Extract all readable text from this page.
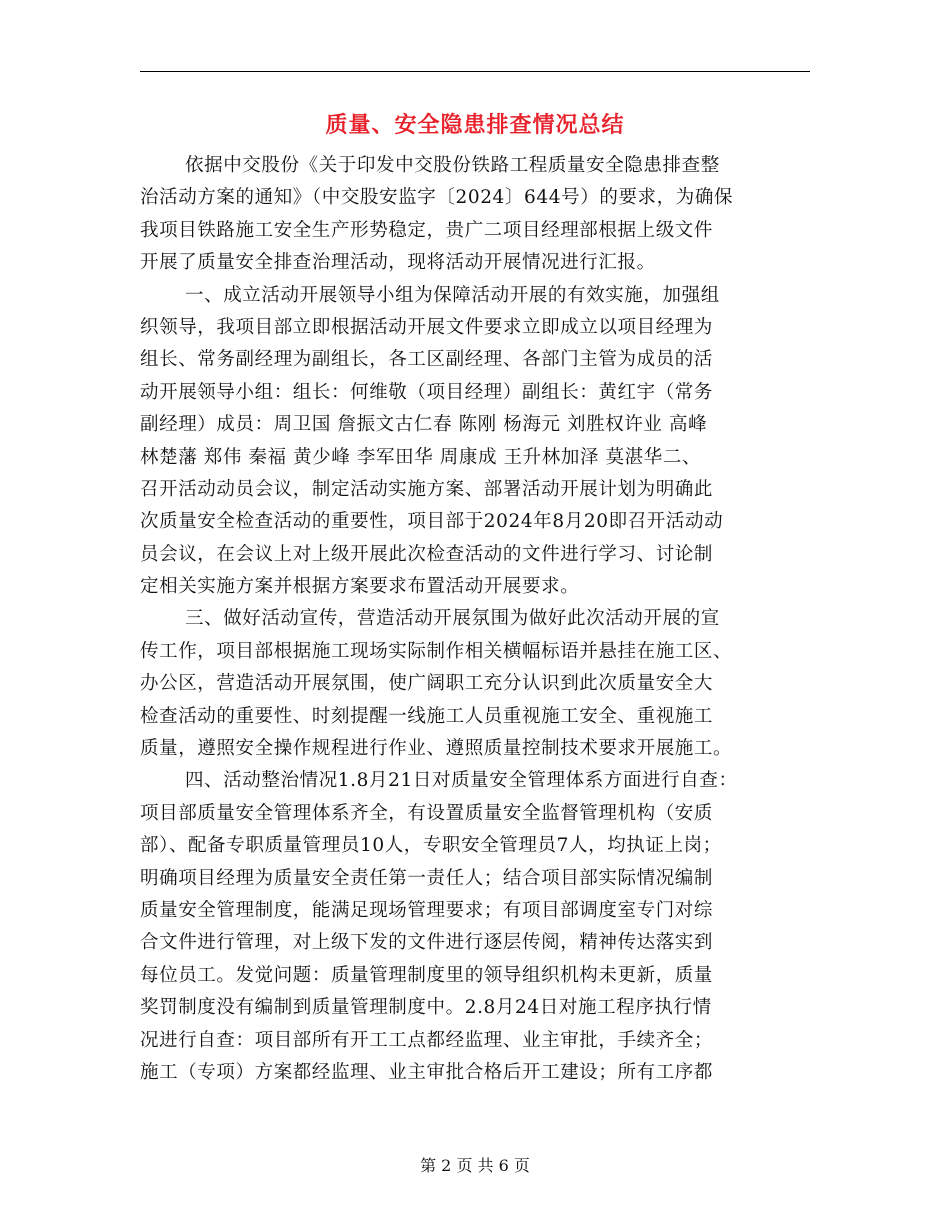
质量、安全隐患排查情况总结
依据中交股份《关于印发中交股份铁路工程质量安全隐患排查整
治活动方案的通知》（中交股安监字〔2024〕644号）的要求，为确保
我项目铁路施工安全生产形势稳定，贵广二项目经理部根据上级文件
开展了质量安全排查治理活动，现将活动开展情况进行汇报。
一、成立活动开展领导小组为保障活动开展的有效实施，加强组
织领导，我项目部立即根据活动开展文件要求立即成立以项目经理为
组长、常务副经理为副组长，各工区副经理、各部门主管为成员的活
动开展领导小组：组长：何维敬（项目经理）副组长：黄红宇（常务
副经理）成员：周卫国 詹振文古仁春 陈刚 杨海元 刘胜权许业 高峰
林楚藩 郑伟 秦福 黄少峰 李军田华 周康成 王升林加泽 莫湛华二、
召开活动动员会议，制定活动实施方案、部署活动开展计划为明确此
次质量安全检查活动的重要性，项目部于2024年8月20即召开活动动
员会议，在会议上对上级开展此次检查活动的文件进行学习、讨论制
定相关实施方案并根据方案要求布置活动开展要求。
三、做好活动宣传，营造活动开展氛围为做好此次活动开展的宣
传工作，项目部根据施工现场实际制作相关横幅标语并悬挂在施工区、
办公区，营造活动开展氛围，使广阔职工充分认识到此次质量安全大
检查活动的重要性、时刻提醒一线施工人员重视施工安全、重视施工
质量，遵照安全操作规程进行作业、遵照质量控制技术要求开展施工。
四、活动整治情况1.8月21日对质量安全管理体系方面进行自查：
项目部质量安全管理体系齐全，有设置质量安全监督管理机构（安质
部）、配备专职质量管理员10人，专职安全管理员7人，均执证上岗；
明确项目经理为质量安全责任第一责任人；结合项目部实际情况编制
质量安全管理制度，能满足现场管理要求；有项目部调度室专门对综
合文件进行管理，对上级下发的文件进行逐层传阅，精神传达落实到
每位员工。发觉问题：质量管理制度里的领导组织机构未更新，质量
奖罚制度没有编制到质量管理制度中。2.8月24日对施工程序执行情
况进行自查：项目部所有开工工点都经监理、业主审批，手续齐全；
施工（专项）方案都经监理、业主审批合格后开工建设；所有工序都
第 2 页 共 6 页
